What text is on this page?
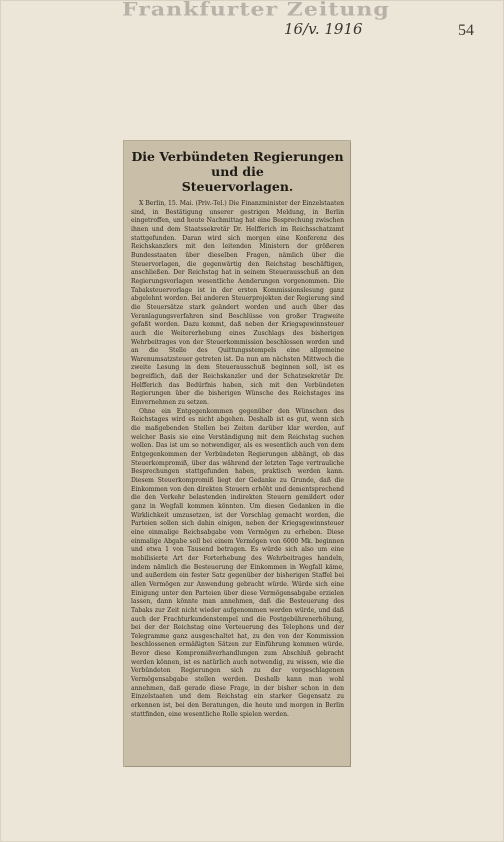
Frankfurter Zeitung
16/v. 1916	54
Die Verbündeten Regierungen und die
Steuervorlagen.

X Berlin, 15. Mai. (Priv.-Tel.) Die Finanzminister der Einzelstaaten sind, in Bestätigung unserer gestrigen Meldung, in Berlin eingetroffen, und heute Nachmittag hat eine Besprechung zwischen ihnen und dem Staatssekretär Dr. Helfferich im Reichsschatzamt stattgefunden. Daran wird sich morgen eine Konferenz des Reichskanzlers mit den leitenden Ministern der größeren Bundesstaaten über dieselben Fragen, nämlich über die Steuervorlagen, die gegenwärtig den Reichstag beschäftigen, anschließen. Der Reichstag hat in seinem Steuerausschuß an den Regierungsvorlagen wesentliche Aenderungen vorgenommen. Die Tabaksteuervorlage ist in der ersten Kommissionslesung ganz abgelehnt worden. Bei anderen Steuerprojekten der Regierung sind die Steuersätze stark geändert worden und auch über das Veranlagungsverfahren sind Beschlüsse von großer Tragweite gefaßt worden. Dazu kommt, daß neben der Kriegsgewinnsteuer auch die Weitererhebung eines Zuschlags des bisherigen Wehrbeitrages von der Steuerkommission beschlossen worden und an die Stelle des Quittungsstempels eine allgemeine Warenumsatzsteuer getreten ist. Da nun am nächsten Mittwoch die zweite Lesung in dem Steuerausschuß beginnen soll, ist es begreiflich, daß der Reichskanzler und der Schatzsekretär Dr. Helfferich das Bedürfnis haben, sich mit den Verbündeten Regierungen über die bisherigen Wünsche des Reichstages ins Einvernehmen zu setzen.

Ohne ein Entgegenkommen gegenüber den Wünschen des Reichstages wird es nicht abgehen. Deshalb ist es gut, wenn sich die maßgebenden Stellen bei Zeiten darüber klar werden, auf welcher Basis sie eine Verständigung mit dem Reichstag suchen wollen. Das ist um so notwendiger, als es wesentlich auch von dem Entgegenkommen der Verbündeten Regierungen abhängt, ob das Steuerkompromiß, über das während der letzten Tage vertrauliche Besprechungen stattgefunden haben, praktisch werden kann. Diesem Steuerkompromiß liegt der Gedanke zu Grunde, daß die Einkommen von den direkten Steuern erhöht und dementsprechend die den Verkehr belastenden indirekten Steuern gemildert oder ganz in Wegfall kommen könnten. Um diesen Gedanken in die Wirklichkeit umzusetzen, ist der Vorschlag gemacht worden, die Parteien sollen sich dahin einigen, neben der Kriegsgewinnsteuer eine einmalige Reichsabgabe vom Vermögen zu erheben. Diese einmalige Abgabe soll bei einem Vermögen von 6000 Mk. beginnen und etwa 1 von Tausend betragen. Es würde sich also um eine mobilisierte Art der Forterhebung des Wehrbeitrages handeln, indem nämlich die Besteuerung der Einkommen in Wegfall käme, und außerdem ein fester Satz gegenüber der bisherigen Staffel bei allen Vermögen zur Anwendung gebracht würde. Würde sich eine Einigung unter den Parteien über diese Vermögensabgabe erzielen lassen, dann könnte man annehmen, daß die Besteuerung des Tabaks zur Zeit nicht wieder aufgenommen werden würde, und daß auch der Frachturkundenstempel und die Postgebührenerhöhung, bei der der Reichstag eine Verteuerung des Telephons und der Telegramme ganz ausgeschaltet hat, zu den von der Kommission beschlossenen ermäßigten Sätzen zur Einführung kommen würde. Bevor diese Kompromißverhandlungen zum Abschluß gebracht werden können, ist es natürlich auch notwendig, zu wissen, wie die Verbündeten Regierungen sich zu der vorgeschlagenen Vermögensabgabe stellen werden. Deshalb kann man wohl annehmen, daß gerade diese Frage, in der bisher schon in den Einzelstaaten und dem Reichstag ein starker Gegensatz zu erkennen ist, bei den Beratungen, die heute und morgen in Berlin stattfinden, eine wesentliche Rolle spielen werden.
